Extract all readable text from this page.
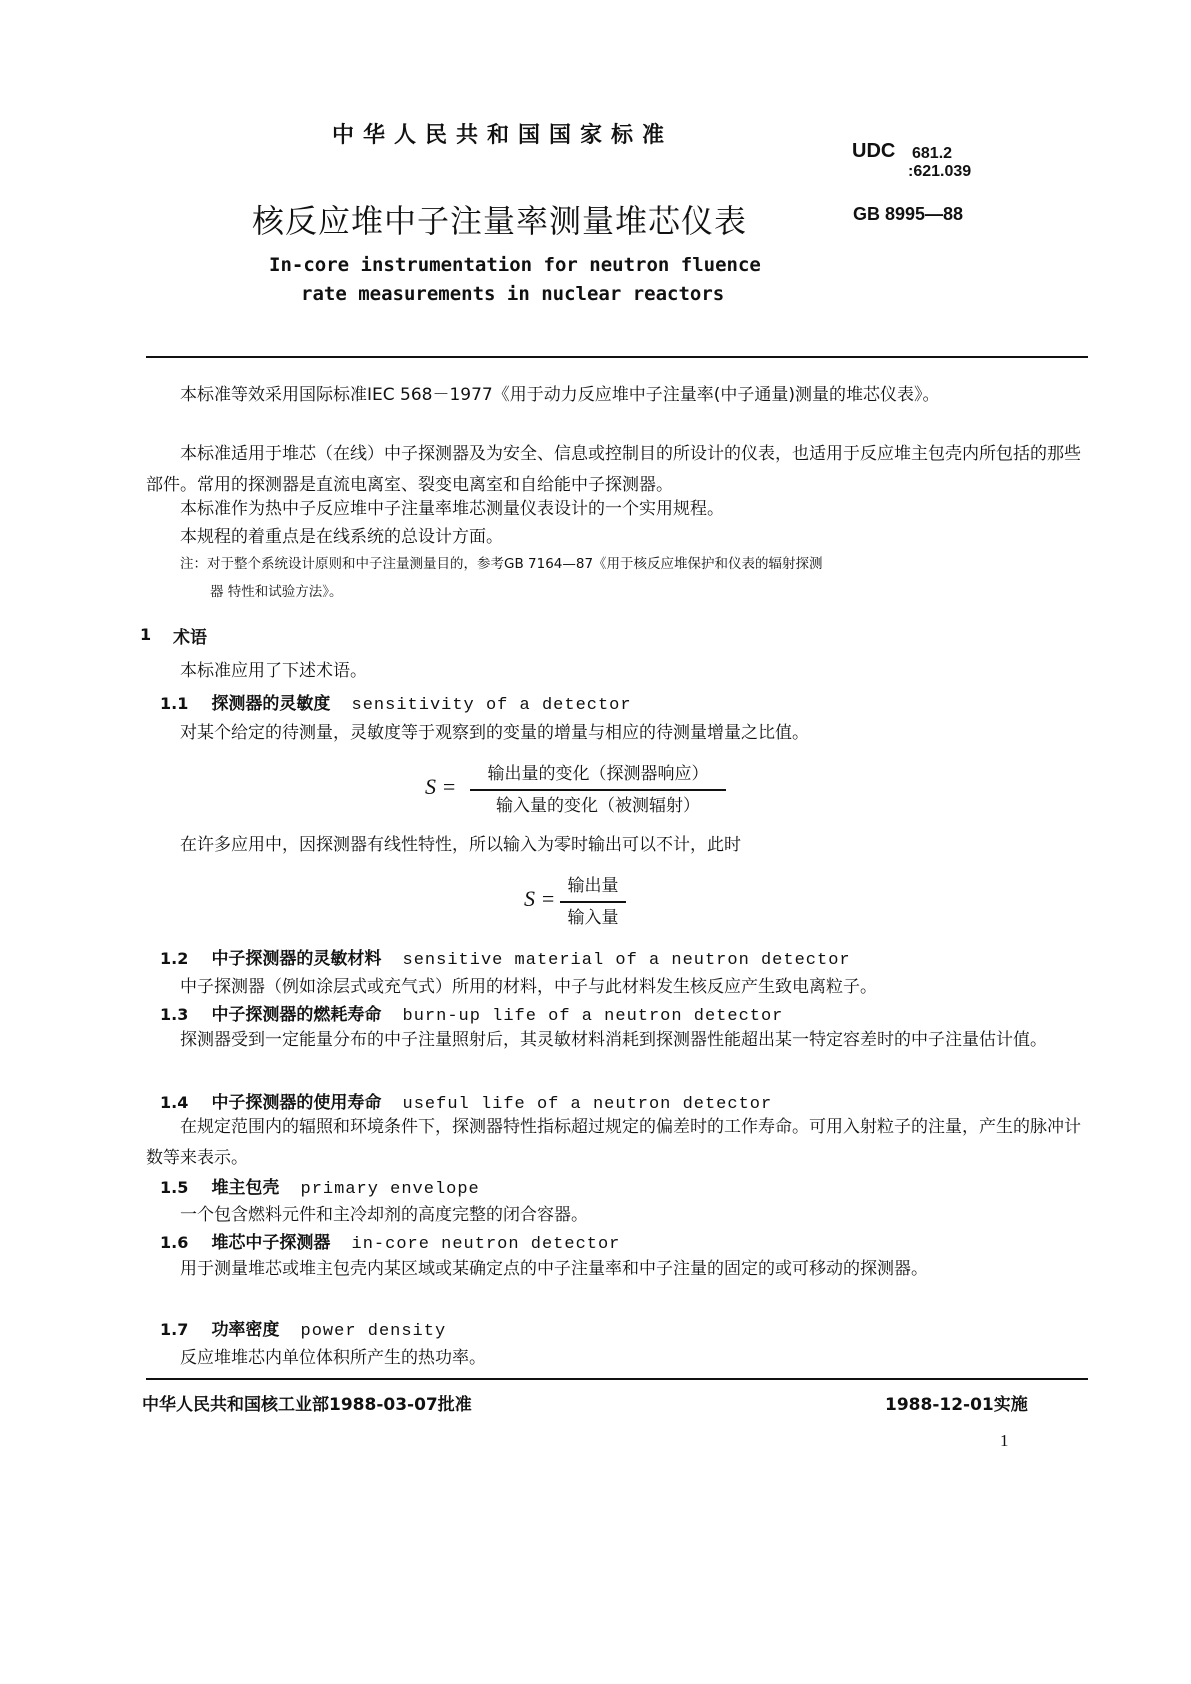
中华人民共和国国家标准
UDC 681.2
:621.039
核反应堆中子注量率测量堆芯仪表	GB 8995—88
In-core instrumentation for neutron fluence
rate measurements in nuclear reactors

本标准等效采用国际标准IEC 568－1977《用于动力反应堆中子注量率(中子通量)测量的堆芯仪表》。

本标准适用于堆芯（在线）中子探测器及为安全、信息或控制目的所设计的仪表，也适用于反应堆主包壳内所包括的那些部件。常用的探测器是直流电离室、裂变电离室和自给能中子探测器。

本标准作为热中子反应堆中子注量率堆芯测量仪表设计的一个实用规程。

本规程的着重点是在线系统的总设计方面。

注：对于整个系统设计原则和中子注量测量目的，参考GB 7164—87《用于核反应堆保护和仪表的辐射探测
器 特性和试验方法》。
1 术语
本标准应用了下述术语。
1.1 探测器的灵敏度 sensitivity of a detector
对某个给定的待测量，灵敏度等于观察到的变量的增量与相应的待测量增量之比值。
S =	输出量的变化（探测器响应）
输入量的变化（被测辐射）
在许多应用中，因探测器有线性特性，所以输入为零时输出可以不计，此时
S = 输出量
输入量
1.2 中子探测器的灵敏材料 sensitive material of a neutron detector
中子探测器（例如涂层式或充气式）所用的材料，中子与此材料发生核反应产生致电离粒子。
1.3 中子探测器的燃耗寿命 burn-up life of a neutron detector

探测器受到一定能量分布的中子注量照射后，其灵敏材料消耗到探测器性能超出某一特定容差时的中子注量估计值。

1.4 中子探测器的使用寿命 useful life of a neutron detector

在规定范围内的辐照和环境条件下，探测器特性指标超过规定的偏差时的工作寿命。可用入射粒子的注量，产生的脉冲计数等来表示。

1.5 堆主包壳 primary envelope
一个包含燃料元件和主冷却剂的高度完整的闭合容器。
1.6 堆芯中子探测器 in-core neutron detector

用于测量堆芯或堆主包壳内某区域或某确定点的中子注量率和中子注量的固定的或可移动的探测器。

1.7 功率密度 power density
反应堆堆芯内单位体积所产生的热功率。
中华人民共和国核工业部1988-03-07批准	1988-12-01实施
1
